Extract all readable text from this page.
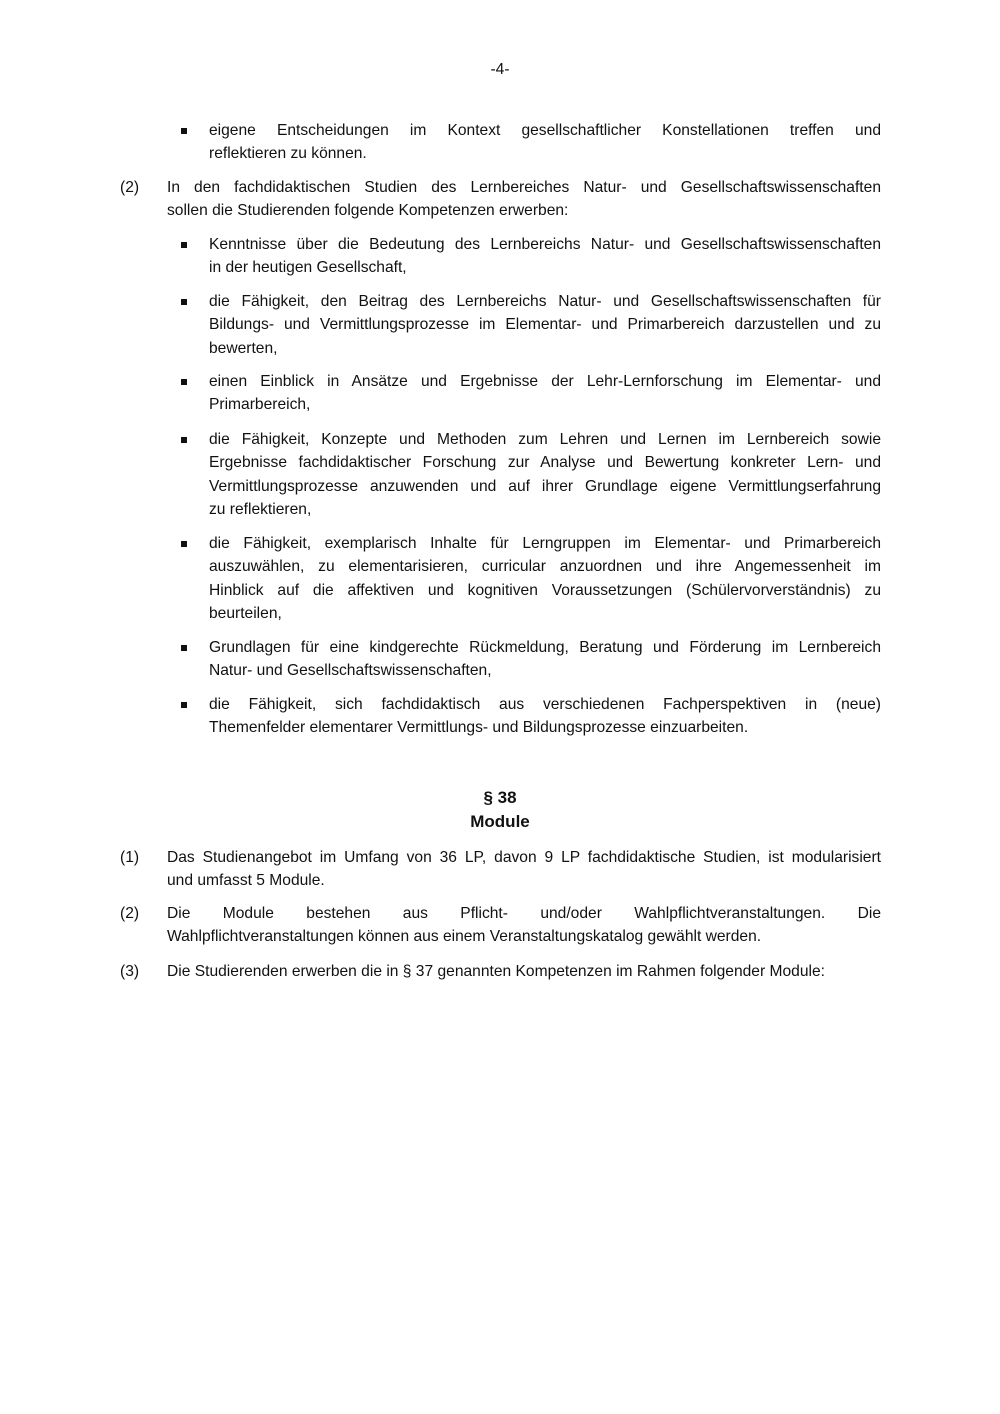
-4-
§ 38
Module
eigene Entscheidungen im Kontext gesellschaftlicher Konstellationen treffen und
reflektieren zu können.
In den fachdidaktischen Studien des Lernbereiches Natur- und Gesellschaftswissenschaften
sollen die Studierenden folgende Kompetenzen erwerben:
(2)
Kenntnisse über die Bedeutung des Lernbereichs Natur- und Gesellschaftswissenschaften
in der heutigen Gesellschaft,
die Fähigkeit, den Beitrag des Lernbereichs Natur- und Gesellschaftswissenschaften für
Bildungs- und Vermittlungsprozesse im Elementar- und Primarbereich darzustellen und zu
bewerten,
einen Einblick in Ansätze und Ergebnisse der Lehr-Lernforschung im Elementar- und
Primarbereich,
die Fähigkeit, Konzepte und Methoden zum Lehren und Lernen im Lernbereich sowie
Ergebnisse fachdidaktischer Forschung zur Analyse und Bewertung konkreter Lern- und
Vermittlungsprozesse anzuwenden und auf ihrer Grundlage eigene Vermittlungserfahrung
zu reflektieren,
die Fähigkeit, exemplarisch Inhalte für Lerngruppen im Elementar- und Primarbereich
auszuwählen, zu elementarisieren, curricular anzuordnen und ihre Angemessenheit im
Hinblick auf die affektiven und kognitiven Voraussetzungen (Schülervorverständnis) zu
beurteilen,
Grundlagen für eine kindgerechte Rückmeldung, Beratung und Förderung im Lernbereich
Natur- und Gesellschaftswissenschaften,
die Fähigkeit, sich fachdidaktisch aus verschiedenen Fachperspektiven in (neue)
Themenfelder elementarer Vermittlungs- und Bildungsprozesse einzuarbeiten.
Das Studienangebot im Umfang von 36 LP, davon 9 LP fachdidaktische Studien, ist modularisiert
und umfasst 5 Module.
(1)
Die Module bestehen aus Pflicht- und/oder Wahlpflichtveranstaltungen. Die
Wahlpflichtveranstaltungen können aus einem Veranstaltungskatalog gewählt werden.
(2)
Die Studierenden erwerben die in § 37 genannten Kompetenzen im Rahmen folgender Module:
(3)
